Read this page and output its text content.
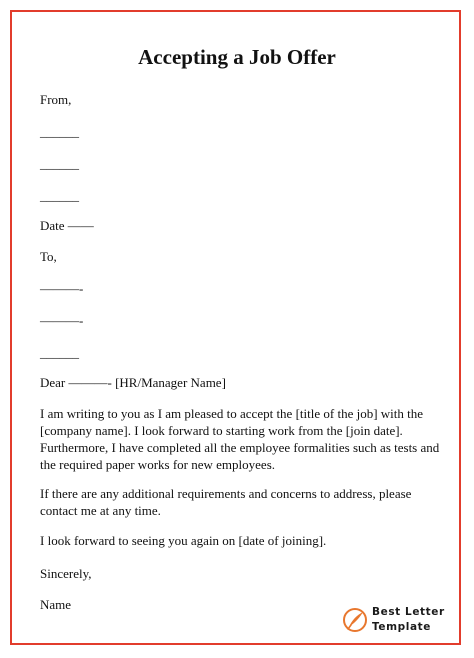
Accepting a Job Offer
From,
______
______
______
Date ——
To,
———-
———-
______
Dear ———- [HR/Manager Name]
I am writing to you as I am pleased to accept the [title of the job] with the [company name]. I look forward to starting work from the [join date]. Furthermore, I have completed all the employee formalities such as tests and the required paper works for new employees.
If there are any additional requirements and concerns to address, please contact me at any time.
I look forward to seeing you again on [date of joining].
Sincerely,
Name	Best Letter
Template
